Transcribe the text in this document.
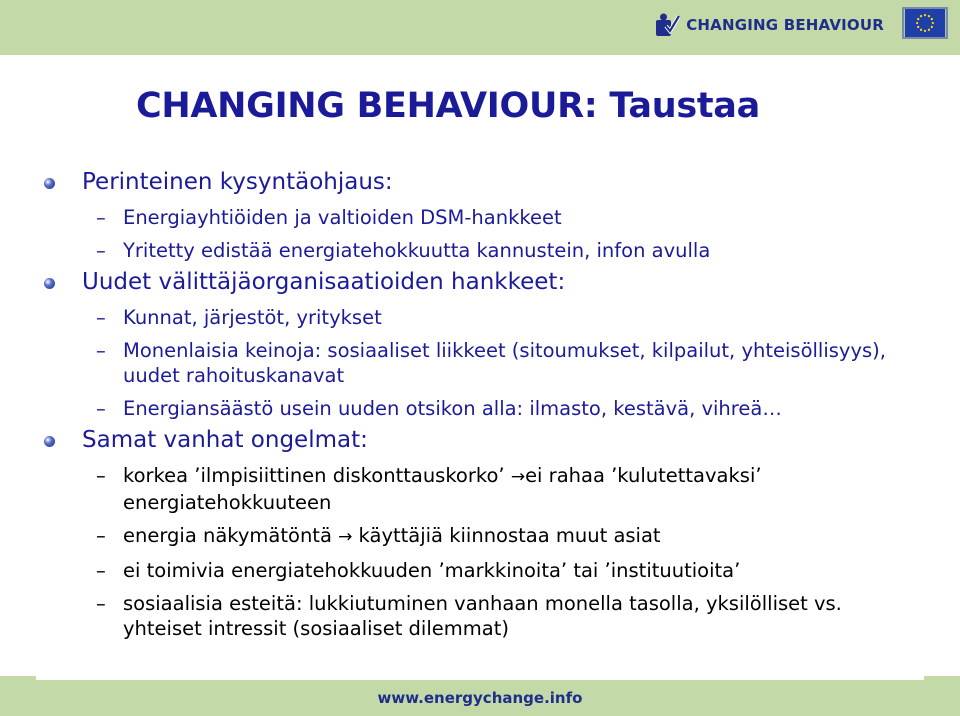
CHANGING BEHAVIOUR
CHANGING BEHAVIOUR: Taustaa
Perinteinen kysyntäohjaus:
– Energiayhtiöiden ja valtioiden DSM-hankkeet
– Yritetty edistää energiatehokkuutta kannustein, infon avulla
Uudet välittäjäorganisaatioiden hankkeet:
– Kunnat, järjestöt, yritykset
– Monenlaisia keinoja: sosiaaliset liikkeet (sitoumukset, kilpailut, yhteisöllisyys), uudet rahoituskanavat
– Energiansäästö usein uuden otsikon alla: ilmasto, kestävä, vihreä…
Samat vanhat ongelmat:
– korkea ’ilmpisiittinen diskonttauskorko’ →ei rahaa ’kulutettavaksi’ energiatehokkuuteen
– energia näkymätöntä → käyttäjiä kiinnostaa muut asiat
– ei toimivia energiatehokkuuden ’markkinoita’ tai ’instituutioita’
– sosiaalisia esteitä: lukkiutuminen vanhaan monella tasolla, yksilölliset vs. yhteiset intressit (sosiaaliset dilemmat)
www.energychange.info
